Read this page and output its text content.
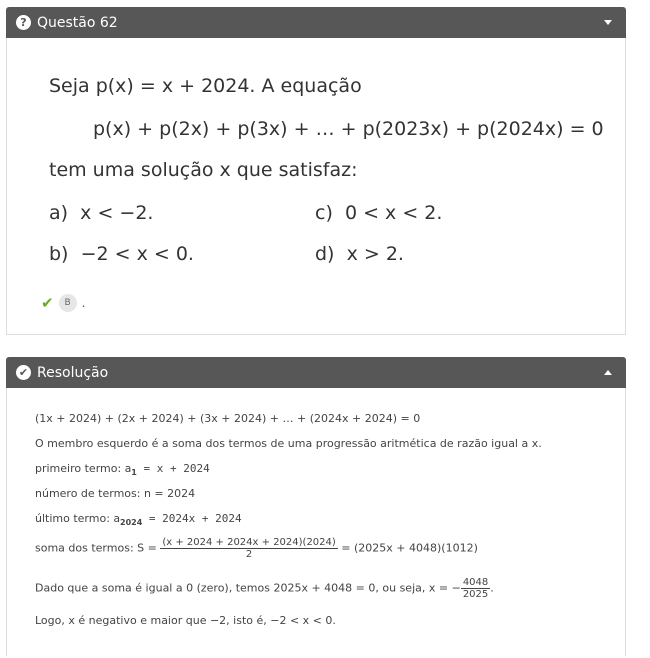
? Questão 62
Seja p(x) = x + 2024. A equação
p(x) + p(2x) + p(3x) + … + p(2023x) + p(2024x) = 0
tem uma solução x que satisfaz:
a) x < −2.
b) −2 < x < 0.
c) 0 < x < 2.
d) x > 2.
✔	B .
✔ Resolução
(1x + 2024) + (2x + 2024) + (3x + 2024) + … + (2024x + 2024) = 0
O membro esquerdo é a soma dos termos de uma progressão aritmética de razão igual a x.
primeiro termo: $a_1 = x + 2024$
número de termos: n = 2024
último termo: $a_{2024} = 2024x + 2024$
soma dos termos: $S = \frac{(x + 2024 + 2024x + 2024)(2024)}{2} = (2025x + 4048)(1012)$
Dado que a soma é igual a 0 (zero), temos 2025x + 4048 = 0, ou seja, x = − $\frac{4048}{2025}$ .
Logo, x é negativo e maior que −2, isto é, −2 < x < 0.
